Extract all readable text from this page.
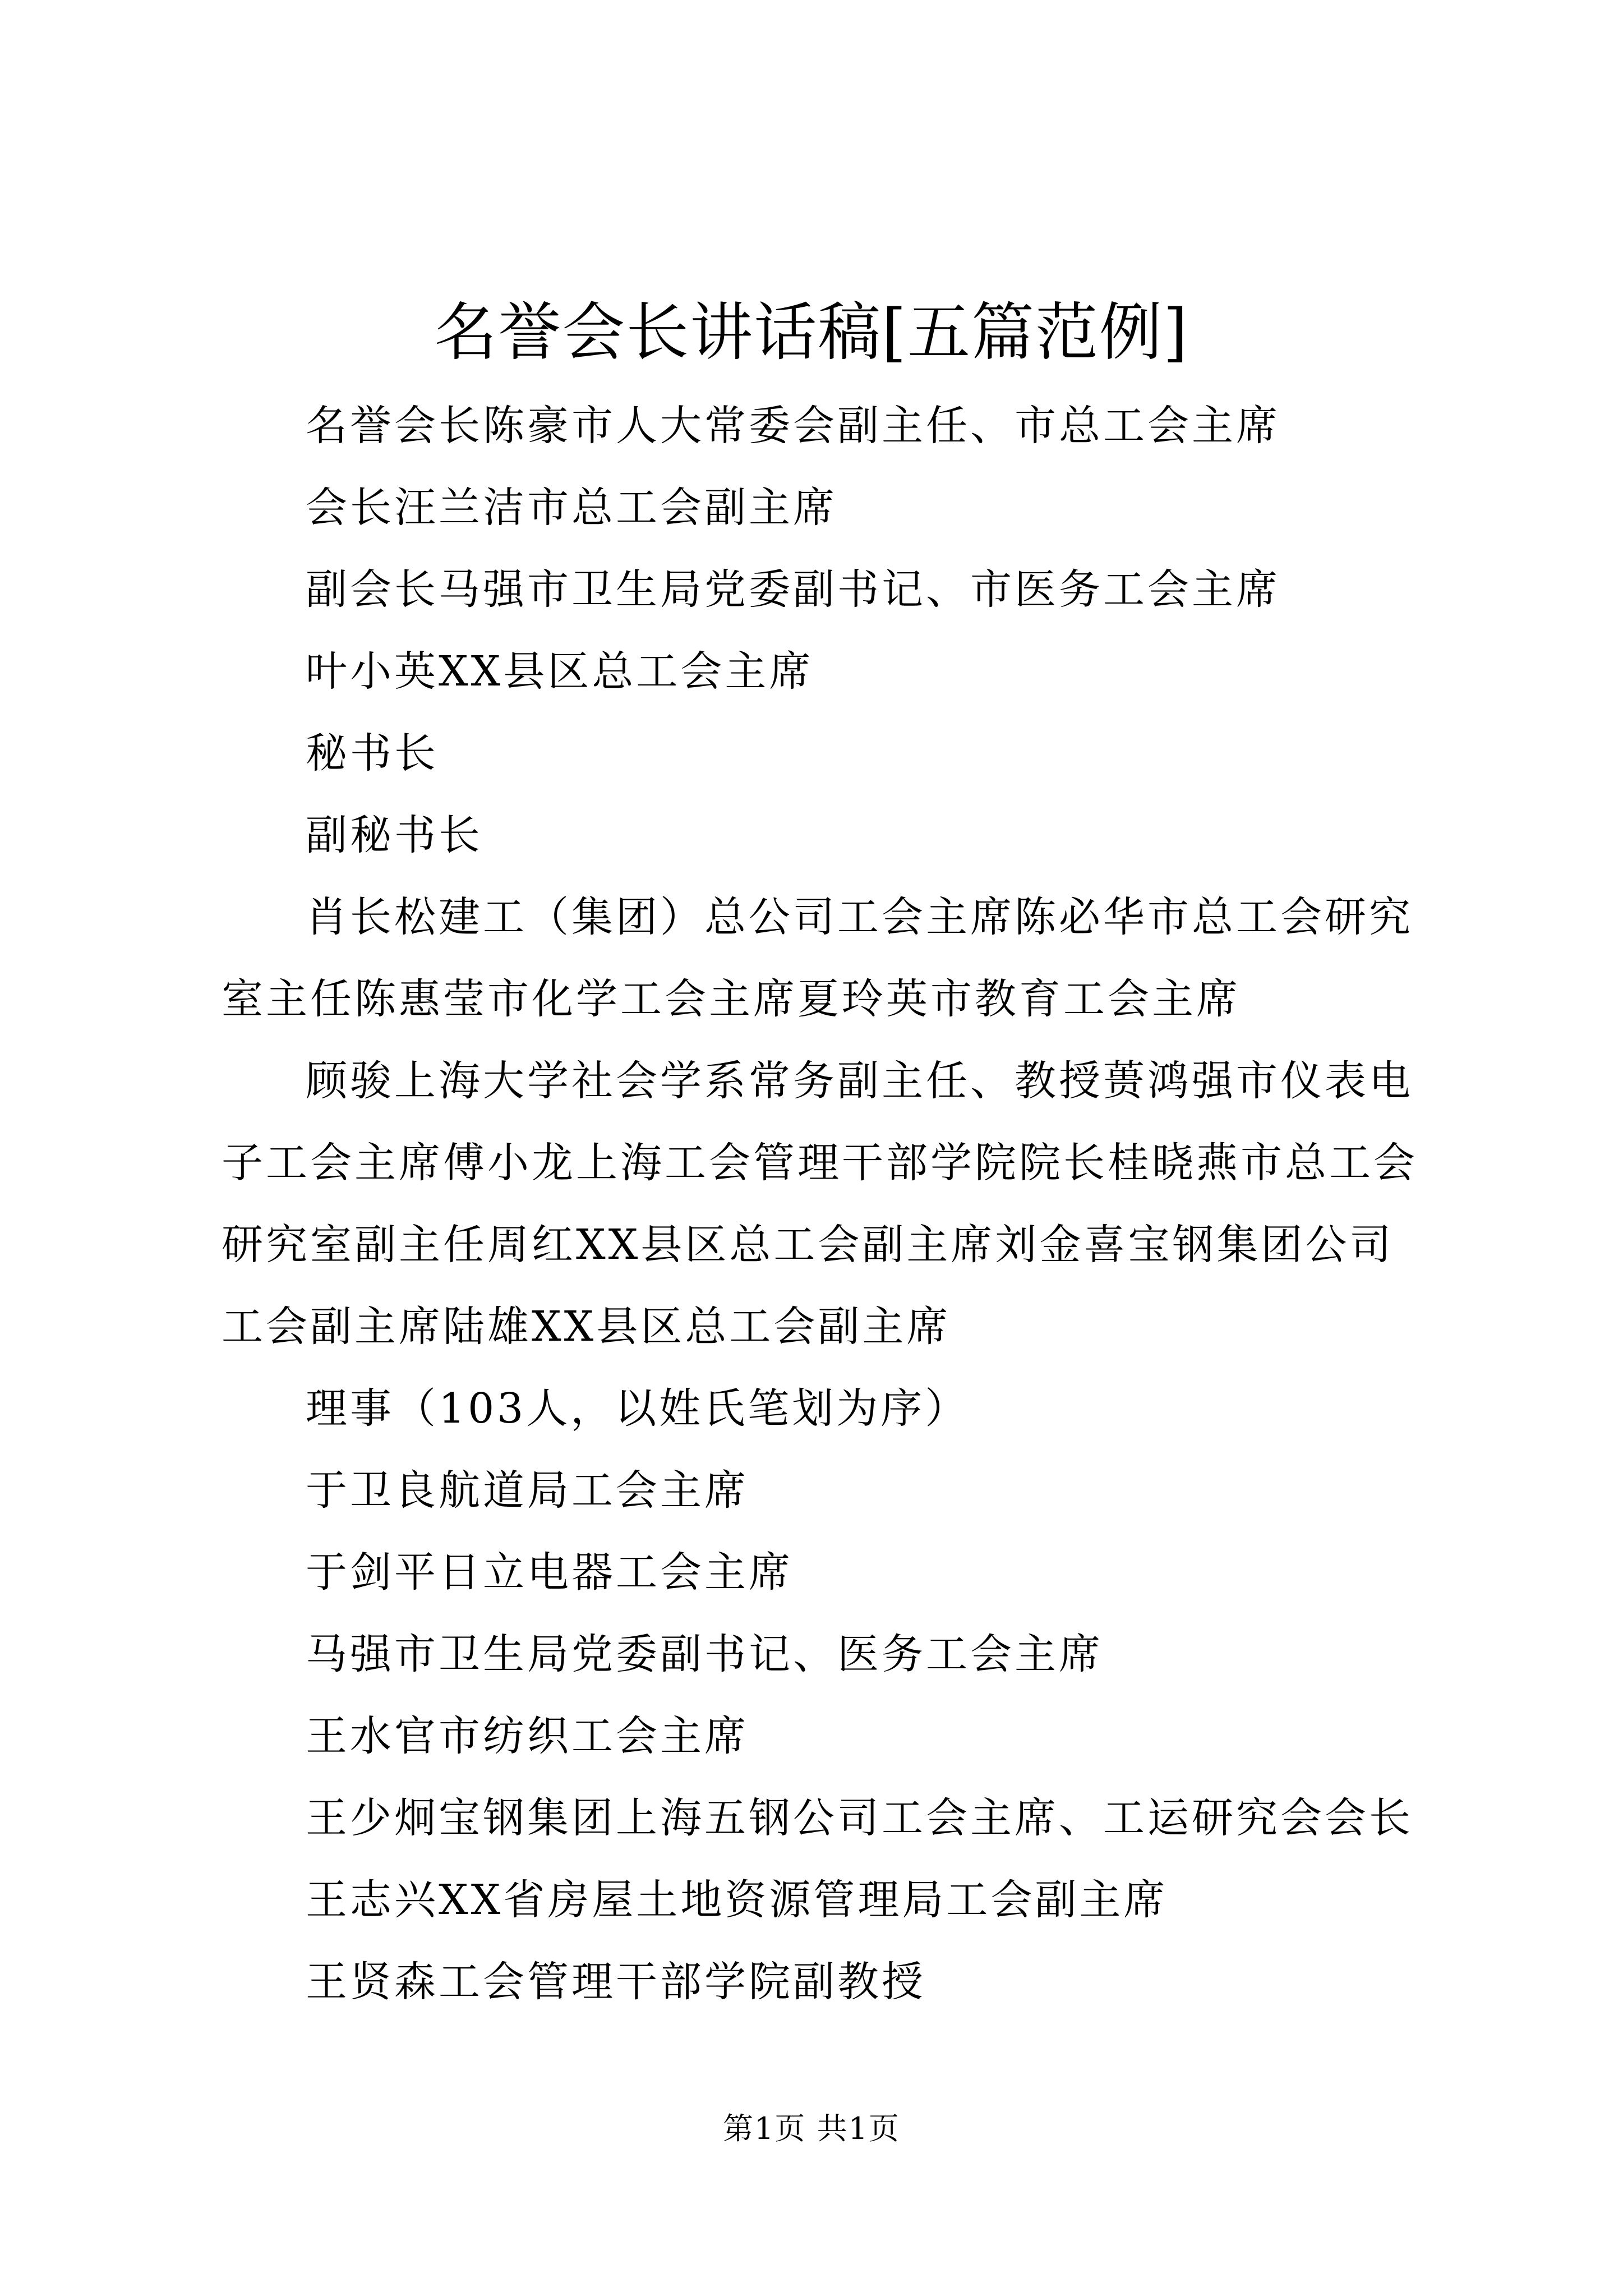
名誉会长讲话稿[五篇范例]

名誉会长陈豪市人大常委会副主任、市总工会主席

会长汪兰洁市总工会副主席

副会长马强市卫生局党委副书记、市医务工会主席

叶小英XX县区总工会主席

秘书长

副秘书长

肖长松建工（集团）总公司工会主席陈必华市总工会研究室主任陈惠莹市化学工会主席夏玲英市教育工会主席

顾骏上海大学社会学系常务副主任、教授蒉鸿强市仪表电子工会主席傅小龙上海工会管理干部学院院长桂晓燕市总工会研究室副主任周红XX县区总工会副主席刘金喜宝钢集团公司工会副主席陆雄XX县区总工会副主席

理事（103人，以姓氏笔划为序）

于卫良航道局工会主席

于剑平日立电器工会主席

马强市卫生局党委副书记、医务工会主席

王水官市纺织工会主席

王少炯宝钢集团上海五钢公司工会主席、工运研究会会长

王志兴XX省房屋土地资源管理局工会副主席

王贤森工会管理干部学院副教授

第1页 共1页
